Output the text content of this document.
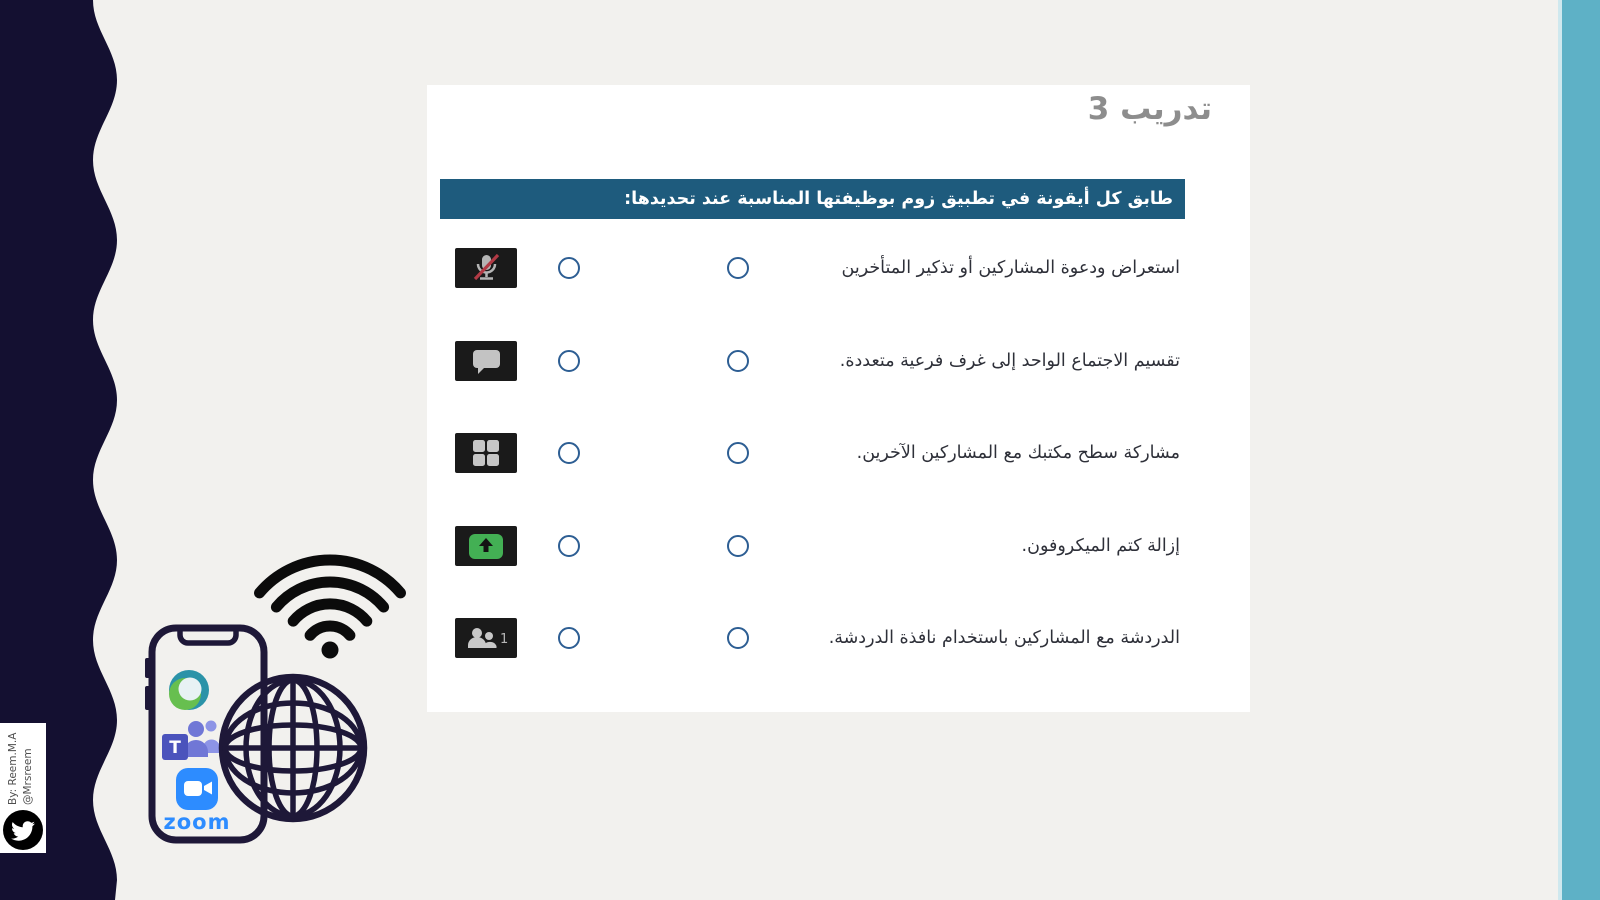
تدريب 3
طابق كل أيقونة في تطبيق زوم بوظيفتها المناسبة عند تحديدها:
استعراض ودعوة المشاركين أو تذكير المتأخرين
تقسيم الاجتماع الواحد إلى غرف فرعية متعددة.
مشاركة سطح مكتبك مع المشاركين الآخرين.
إزالة كتم الميكروفون.
1	الدردشة مع المشاركين باستخدام نافذة الدردشة.
T
zoom
By: Reem.M.A @Mrsreem
